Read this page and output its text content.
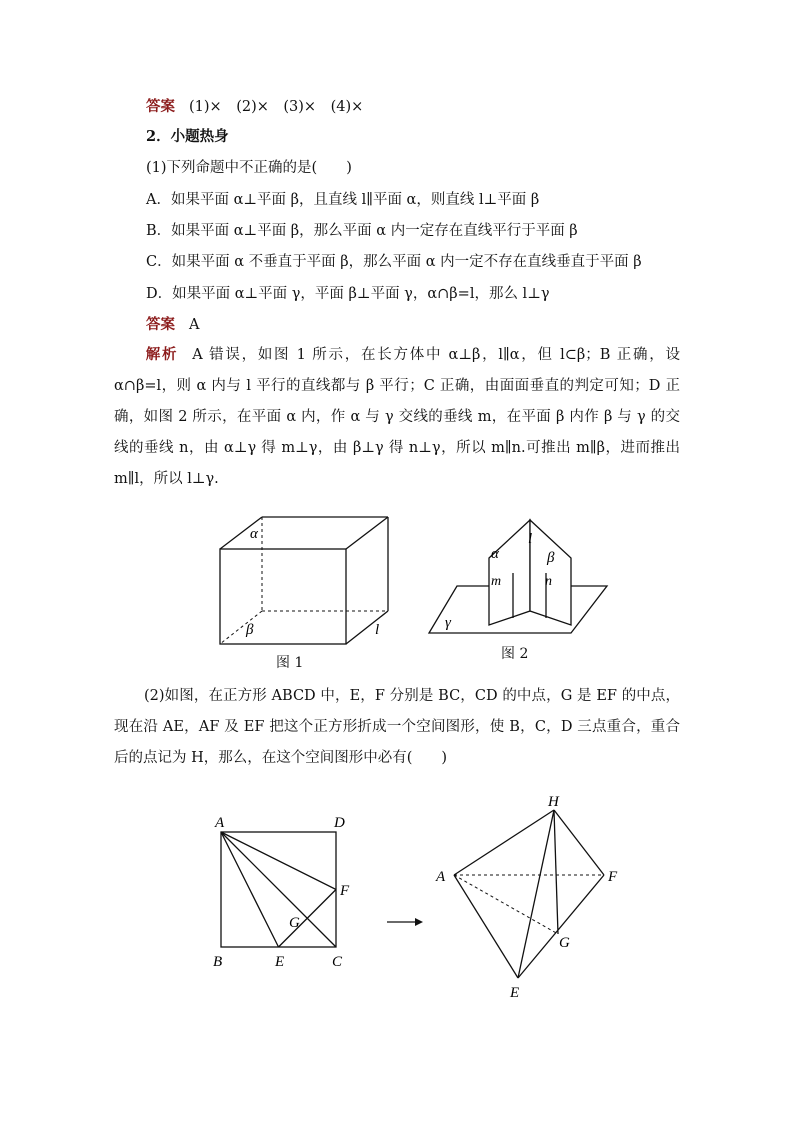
答案 (1)×　(2)×　(3)×　(4)×
2．小题热身
(1)下列命题中不正确的是(　　)
A．如果平面 α⊥平面 β，且直线 l∥平面 α，则直线 l⊥平面 β
B．如果平面 α⊥平面 β，那么平面 α 内一定存在直线平行于平面 β
C．如果平面 α 不垂直于平面 β，那么平面 α 内一定不存在直线垂直于平面 β
D．如果平面 α⊥平面 γ，平面 β⊥平面 γ，α∩β=l，那么 l⊥γ
答案 A
解析 A 错误，如图 1 所示，在长方体中 α⊥β，l∥α，但 l⊂β；B 正确，设 α∩β=l，则 α 内与 l 平行的直线都与 β 平行；C 正确，由面面垂直的判定可知；D 正确，如图 2 所示，在平面 α 内，作 α 与 γ 交线的垂线 m，在平面 β 内作 β 与 γ 的交线的垂线 n，由 α⊥γ 得 m⊥γ，由 β⊥γ 得 n⊥γ，所以 m∥n.可推出 m∥β，进而推出 m∥l，所以 l⊥γ.
α
β	l
图 1
α
l
β
m	n
γ
图 2
(2)如图，在正方形 ABCD 中，E，F 分别是 BC，CD 的中点，G 是 EF 的中点，现在沿 AE，AF 及 EF 把这个正方形折成一个空间图形，使 B，C，D 三点重合，重合后的点记为 H，那么，在这个空间图形中必有(　　)
A	D
F
G
B	E	C
H
A	F
G
E
